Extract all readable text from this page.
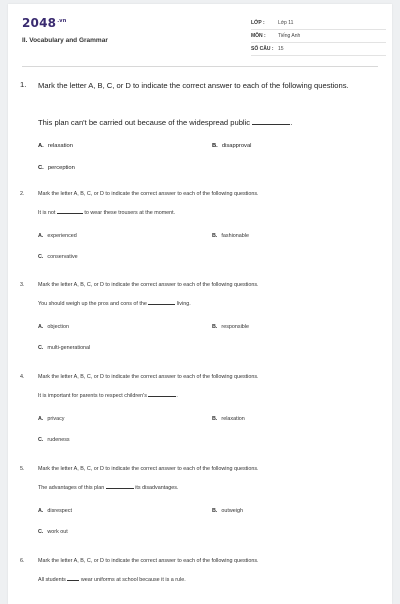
$2048^{.vn}$
II. Vocabulary and Grammar
LỚP :	Lớp 11
MÔN :	Tiếng Anh
SỐ CÂU : 15
1. Mark the letter A, B, C, or D to indicate the correct answer to each of the following questions.
This plan can't be carried out because of the widespread public	.
A. relaxation	B. disapproval
C. perception
2.	Mark the letter A, B, C, or D to indicate the correct answer to each of the following questions.
It is not	to wear these trousers at the moment.
A. experienced	B. fashionable
C. conservative
3.	Mark the letter A, B, C, or D to indicate the correct answer to each of the following questions.
You should weigh up the pros and cons of the	living.
A. objection	B. responsible
C. multi-generational
4.	Mark the letter A, B, C, or D to indicate the correct answer to each of the following questions.
It is important for parents to respect children's	.
A. privacy	B. relaxation
C. rudeness
5.	Mark the letter A, B, C, or D to indicate the correct answer to each of the following questions.
The advantages of this plan	its disadvantages.
A. disrespect	B. outweigh
C. work out
6.	Mark the letter A, B, C, or D to indicate the correct answer to each of the following questions.
All students	wear uniforms at school because it is a rule.
